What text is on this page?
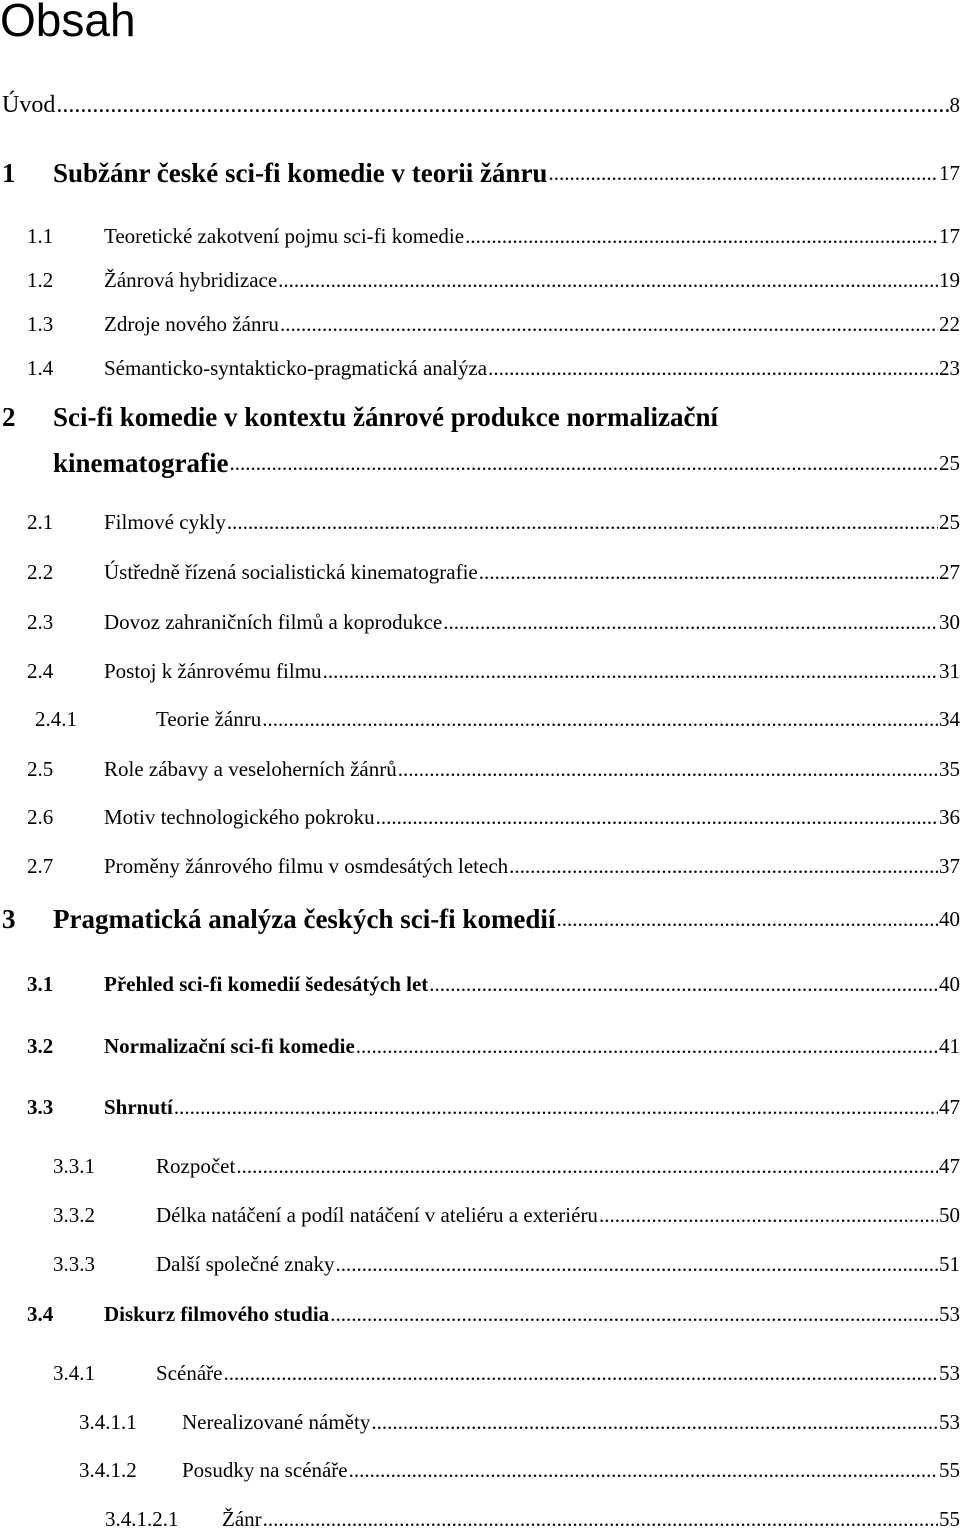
Obsah
Úvod .....	8
1	Subžánr české sci-fi komedie v teorii žánru .....	17
1.1	Teoretické zakotvení pojmu sci-fi komedie .....	17
1.2	Žánrová hybridizace .....	19
1.3	Zdroje nového žánru .....	22
1.4	Sémanticko-syntakticko-pragmatická analýza .....	23
2	Sci-fi komedie v kontextu žánrové produkce normalizační
kinematografie .....	25
2.1	Filmové cykly .....	25
2.2	Ústředně řízená socialistická kinematografie .....	27
2.3	Dovoz zahraničních filmů a koprodukce .....	30
2.4	Postoj k žánrovému filmu .....	31
2.4.1	Teorie žánru .....	34
2.5	Role zábavy a veseloherních žánrů .....	35
2.6	Motiv technologického pokroku .....	36
2.7	Proměny žánrového filmu v osmdesátých letech .....	37
3	Pragmatická analýza českých sci-fi komedií .....	40
3.1	Přehled sci-fi komedií šedesátých let .....	40
3.2	Normalizační sci-fi komedie .....	41
3.3	Shrnutí .....	47
3.3.1	Rozpočet .....	47
3.3.2	Délka natáčení a podíl natáčení v ateliéru a exteriéru .....	50
3.3.3	Další společné znaky .....	51
3.4	Diskurz filmového studia .....	53
3.4.1	Scénáře .....	53
3.4.1.1	Nerealizované náměty .....	53
3.4.1.2	Posudky na scénáře .....	55
3.4.1.2.1	Žánr .....	55
